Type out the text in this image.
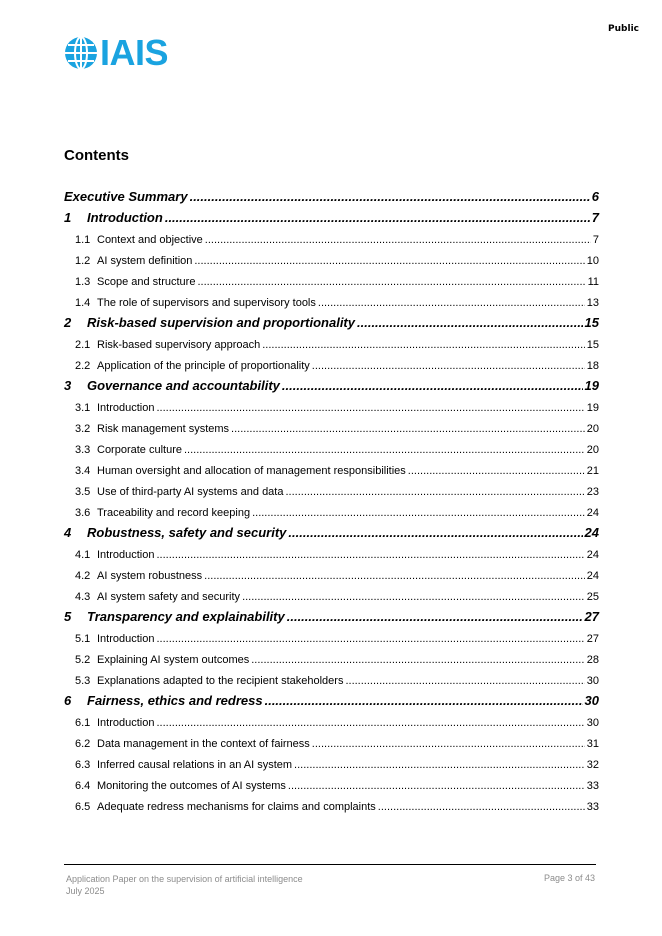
Public
IAIS
Contents
Executive Summary .....	6
1	Introduction .....	7
1.1 Context and objective .....	7
1.2 AI system definition .....	10
1.3 Scope and structure .....	11
1.4 The role of supervisors and supervisory tools .....	13
2	Risk-based supervision and proportionality .....	15
2.1 Risk-based supervisory approach .....	15
2.2 Application of the principle of proportionality .....	18
3	Governance and accountability .....	19
3.1 Introduction .....	19
3.2 Risk management systems .....	20
3.3 Corporate culture .....	20
3.4 Human oversight and allocation of management responsibilities .....	21
3.5 Use of third-party AI systems and data .....	23
3.6 Traceability and record keeping .....	24
4	Robustness, safety and security .....	24
4.1 Introduction .....	24
4.2 AI system robustness .....	24
4.3 AI system safety and security .....	25
5	Transparency and explainability .....	27
5.1 Introduction .....	27
5.2 Explaining AI system outcomes .....	28
5.3 Explanations adapted to the recipient stakeholders .....	30
6	Fairness, ethics and redress .....	30
6.1 Introduction .....	30
6.2 Data management in the context of fairness .....	31
6.3 Inferred causal relations in an AI system .....	32
6.4 Monitoring the outcomes of AI systems .....	33
6.5 Adequate redress mechanisms for claims and complaints .....	33
Application Paper on the supervision of artificial intelligence
July 2025
Page 3 of 43
